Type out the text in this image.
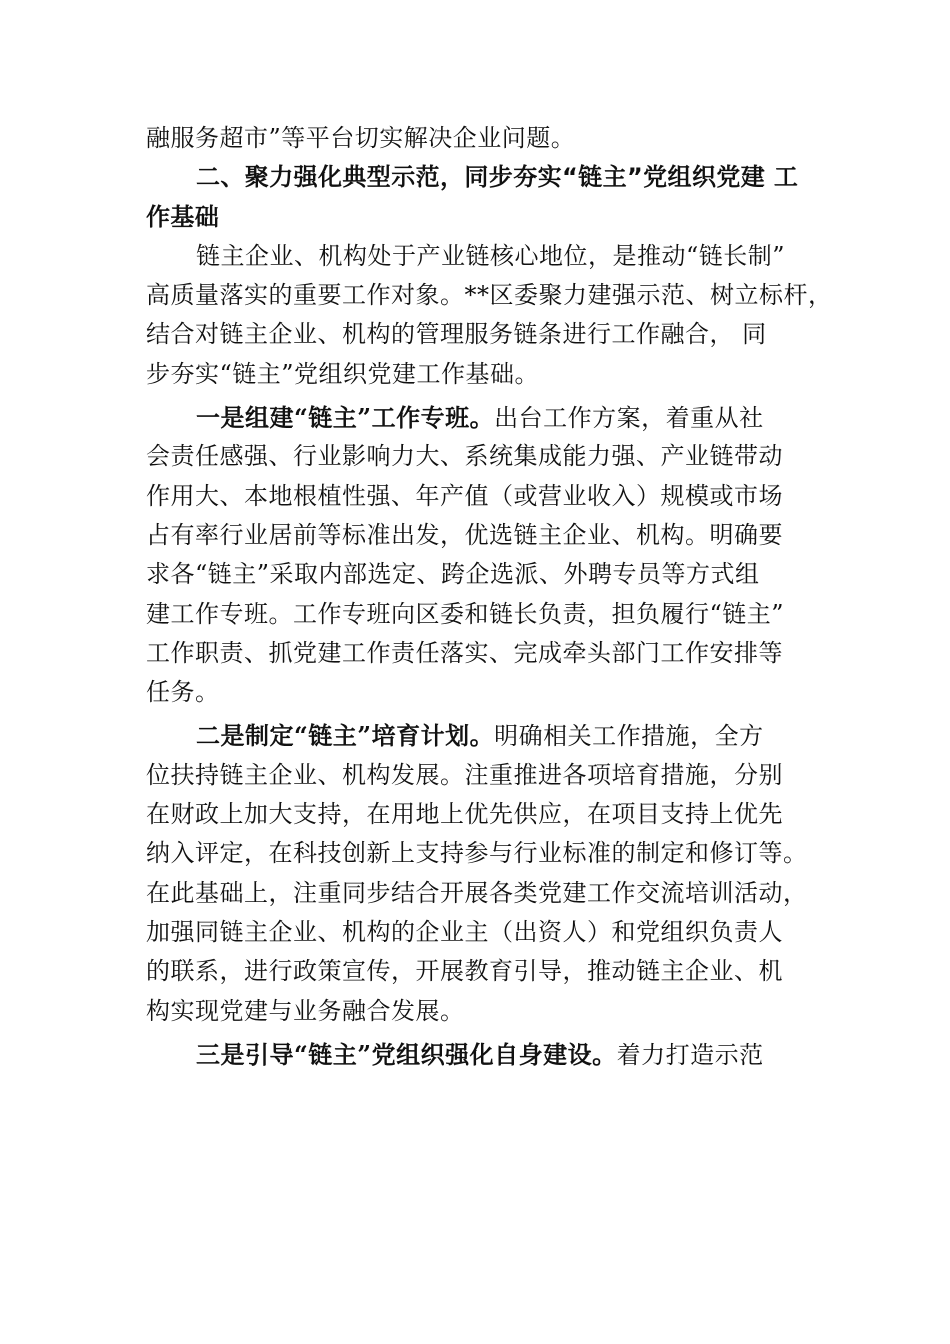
融服务超市”等平台切实解决企业问题。
二、聚力强化典型示范，同步夯实“链主”党组织党建 工
作基础
链主企业、机构处于产业链核心地位，是推动“链长制”
高质量落实的重要工作对象。**区委聚力建强示范、树立标杆，
结合对链主企业、机构的管理服务链条进行工作融合， 同
步夯实“链主”党组织党建工作基础。
一是组建“链主”工作专班。出台工作方案，着重从社
会责任感强、行业影响力大、系统集成能力强、产业链带动
作用大、本地根植性强、年产值（或营业收入）规模或市场
占有率行业居前等标准出发，优选链主企业、机构。明确要
求各“链主”采取内部选定、跨企选派、外聘专员等方式组
建工作专班。工作专班向区委和链长负责，担负履行“链主”
工作职责、抓党建工作责任落实、完成牵头部门工作安排等
任务。
二是制定“链主”培育计划。明确相关工作措施，全方
位扶持链主企业、机构发展。注重推进各项培育措施，分别
在财政上加大支持，在用地上优先供应，在项目支持上优先
纳入评定，在科技创新上支持参与行业标准的制定和修订等。
在此基础上，注重同步结合开展各类党建工作交流培训活动，
加强同链主企业、机构的企业主（出资人）和党组织负责人
的联系，进行政策宣传，开展教育引导，推动链主企业、机
构实现党建与业务融合发展。
三是引导“链主”党组织强化自身建设。着力打造示范
